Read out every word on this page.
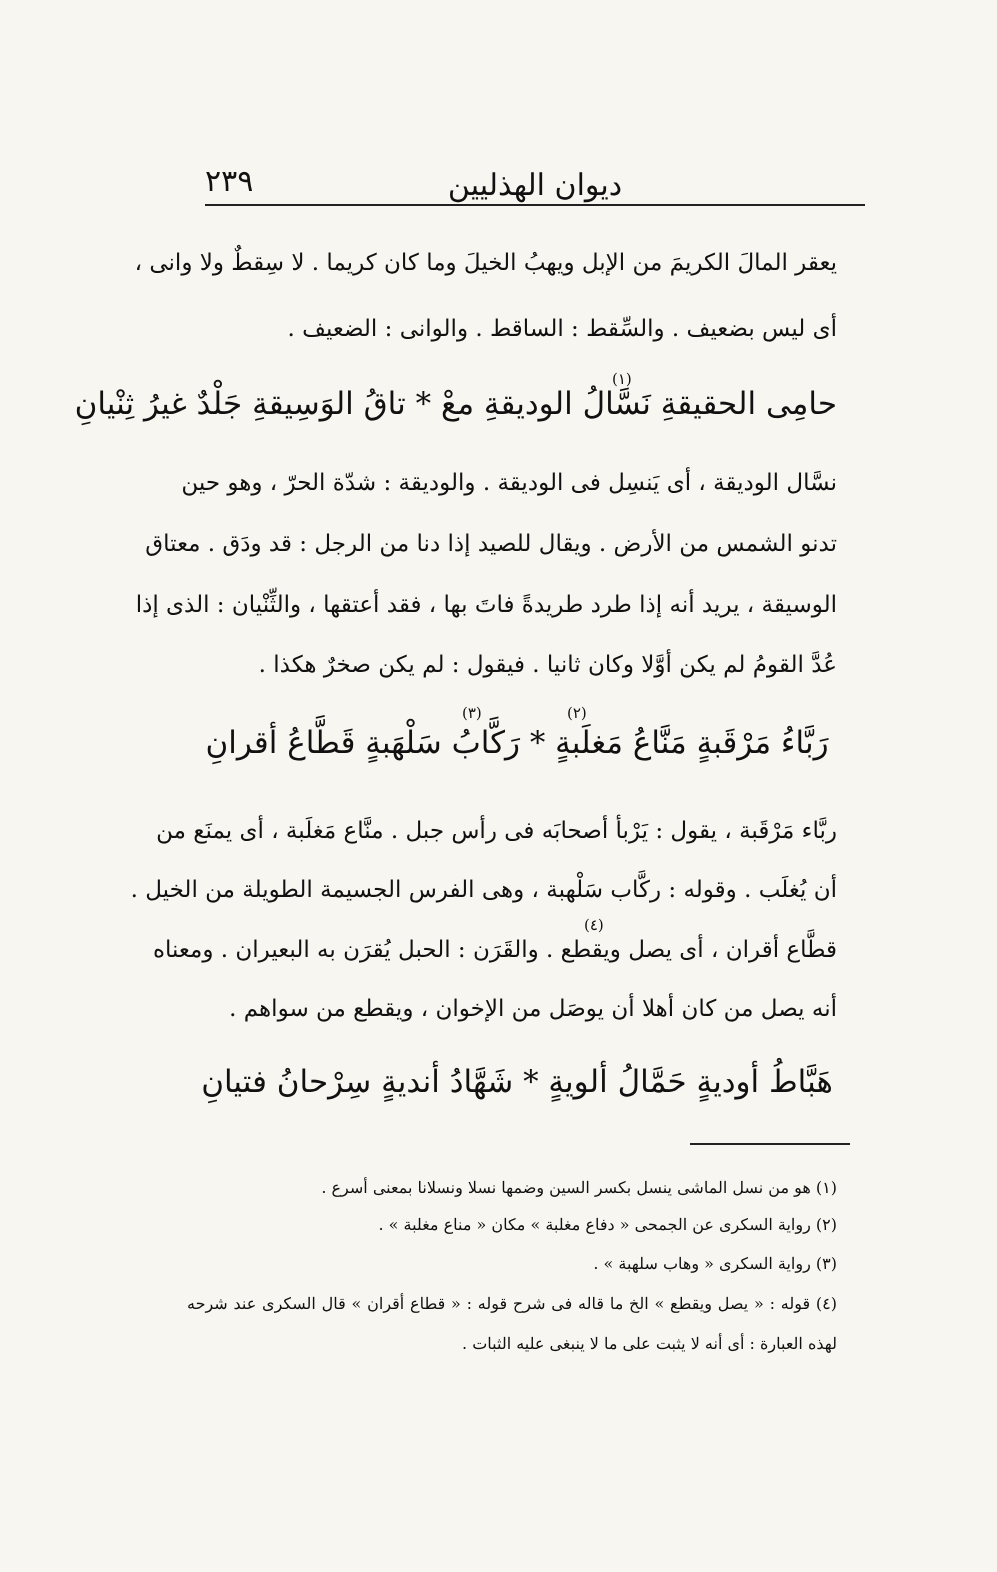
ديوان الهذليين
٢٣٩
يعقر المالَ الكريمَ من الإبل ويهبُ الخيلَ وما كان كريما . لا سِقطٌ ولا وانى ،
أى ليس بضعيف . والسِّقط : الساقط . والوانى : الضعيف .
(١)
حامِى الحقيقةِ نَسَّالُ الوديقةِ معْ * تاقُ الوَسِيقةِ جَلْدٌ غيرُ ثِنْيانِ
نسَّال الوديقة ، أى يَنسِل فى الوديقة . والوديقة : شدّة الحرّ ، وهو حين
تدنو الشمس من الأرض . ويقال للصيد إذا دنا من الرجل : قد ودَق . معتاق
الوسيقة ، يريد أنه إذا طرد طريدةً فاتَ بها ، فقد أعتقها ، والثِّنْيان : الذى إذا
عُدَّ القومُ لم يكن أوَّلا وكان ثانيا . فيقول : لم يكن صخرٌ هكذا .
(٢)
(٣)
رَبَّاءُ مَرْقَبةٍ مَنَّاعُ مَغلَبةٍ * رَكَّابُ سَلْهَبةٍ قَطَّاعُ أقرانِ
ربَّاء مَرْقَبة ، يقول : يَرْبأ أصحابَه فى رأس جبل . منَّاع مَغلَبة ، أى يمنَع من
أن يُغلَب . وقوله : ركَّاب سَلْهبة ، وهى الفرس الجسيمة الطويلة من الخيل .
(٤)
قطَّاع أقران ، أى يصل ويقطع . والقَرَن : الحبل يُقرَن به البعيران . ومعناه
أنه يصل من كان أهلا أن يوصَل من الإخوان ، ويقطع من سواهم .
هَبَّاطُ أوديةٍ حَمَّالُ ألويةٍ * شَهَّادُ أنديةٍ سِرْحانُ فتيانِ
(١) هو من نسل الماشى ينسل بكسر السين وضمها نسلا ونسلانا بمعنى أسرع .
(٢) رواية السكرى عن الجمحى « دفاع مغلبة » مكان « مناع مغلبة » .
(٣) رواية السكرى « وهاب سلهبة » .
(٤) قوله : « يصل ويقطع » الخ ما قاله فى شرح قوله : « قطاع أقران » قال السكرى عند شرحه
لهذه العبارة : أى أنه لا يثبت على ما لا ينبغى عليه الثبات .
